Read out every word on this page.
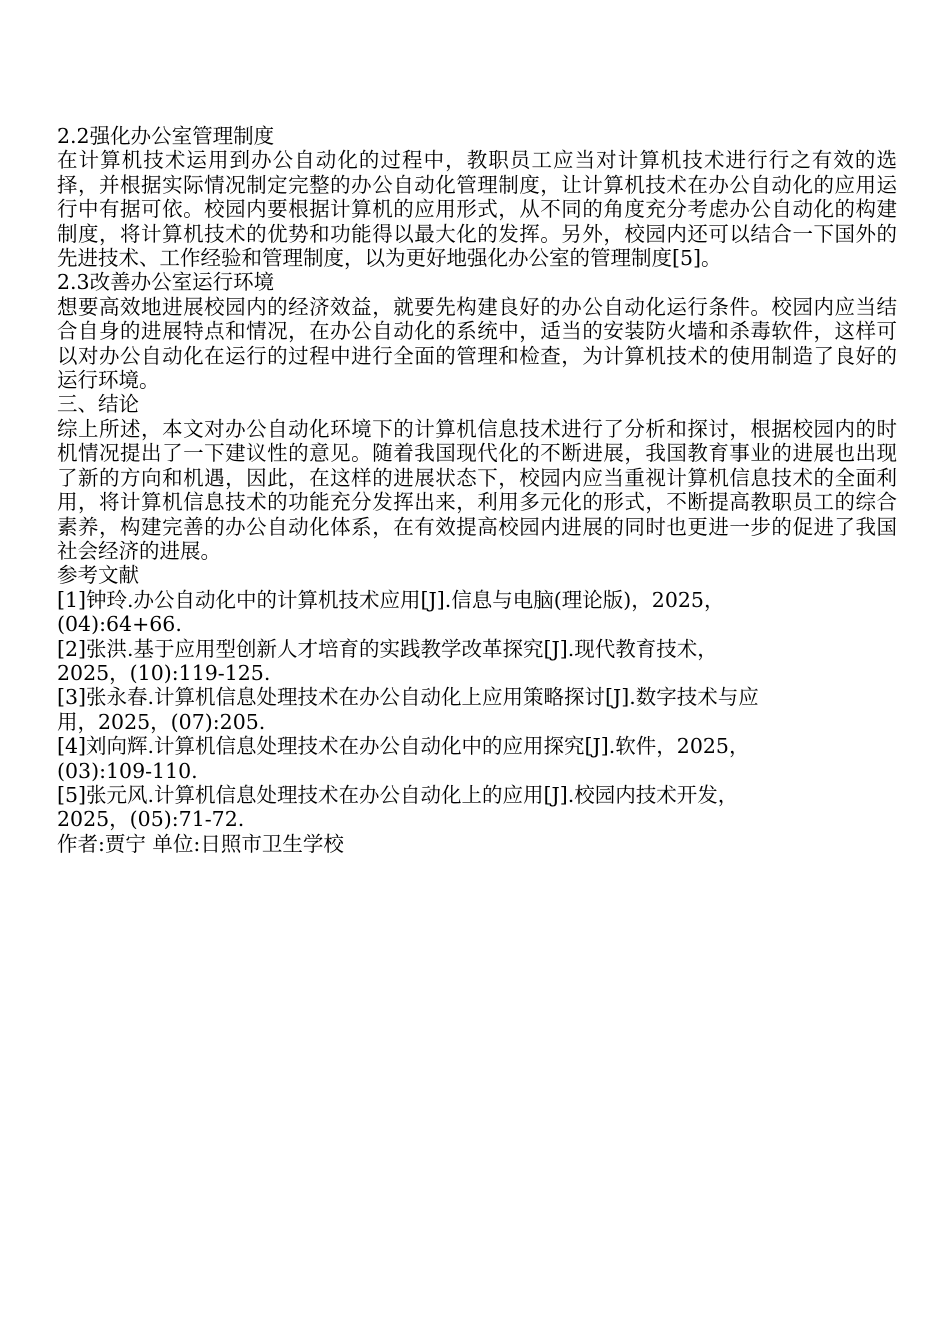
2.2强化办公室管理制度

在计算机技术运用到办公自动化的过程中，教职员工应当对计算机技术进行行之有效的选择，并根据实际情况制定完整的办公自动化管理制度，让计算机技术在办公自动化的应用运行中有据可依。校园内要根据计算机的应用形式，从不同的角度充分考虑办公自动化的构建制度，将计算机技术的优势和功能得以最大化的发挥。另外，校园内还可以结合一下国外的先进技术、工作经验和管理制度，以为更好地强化办公室的管理制度[5]。

2.3改善办公室运行环境

想要高效地进展校园内的经济效益，就要先构建良好的办公自动化运行条件。校园内应当结合自身的进展特点和情况，在办公自动化的系统中，适当的安装防火墙和杀毒软件，这样可以对办公自动化在运行的过程中进行全面的管理和检查，为计算机技术的使用制造了良好的运行环境。

三、结论

综上所述，本文对办公自动化环境下的计算机信息技术进行了分析和探讨，根据校园内的时机情况提出了一下建议性的意见。随着我国现代化的不断进展，我国教育事业的进展也出现了新的方向和机遇，因此，在这样的进展状态下，校园内应当重视计算机信息技术的全面利用，将计算机信息技术的功能充分发挥出来，利用多元化的形式，不断提高教职员工的综合素养，构建完善的办公自动化体系，在有效提高校园内进展的同时也更进一步的促进了我国社会经济的进展。

参考文献
[1]钟玲.办公自动化中的计算机技术应用[J].信息与电脑(理论版)，2025，
(04):64+66.
[2]张洪.基于应用型创新人才培育的实践教学改革探究[J].现代教育技术，
2025，(10):119-125.
[3]张永春.计算机信息处理技术在办公自动化上应用策略探讨[J].数字技术与应
用，2025，(07):205.
[4]刘向辉.计算机信息处理技术在办公自动化中的应用探究[J].软件，2025，
(03):109-110.
[5]张元风.计算机信息处理技术在办公自动化上的应用[J].校园内技术开发，
2025，(05):71-72.
作者:贾宁 单位:日照市卫生学校
